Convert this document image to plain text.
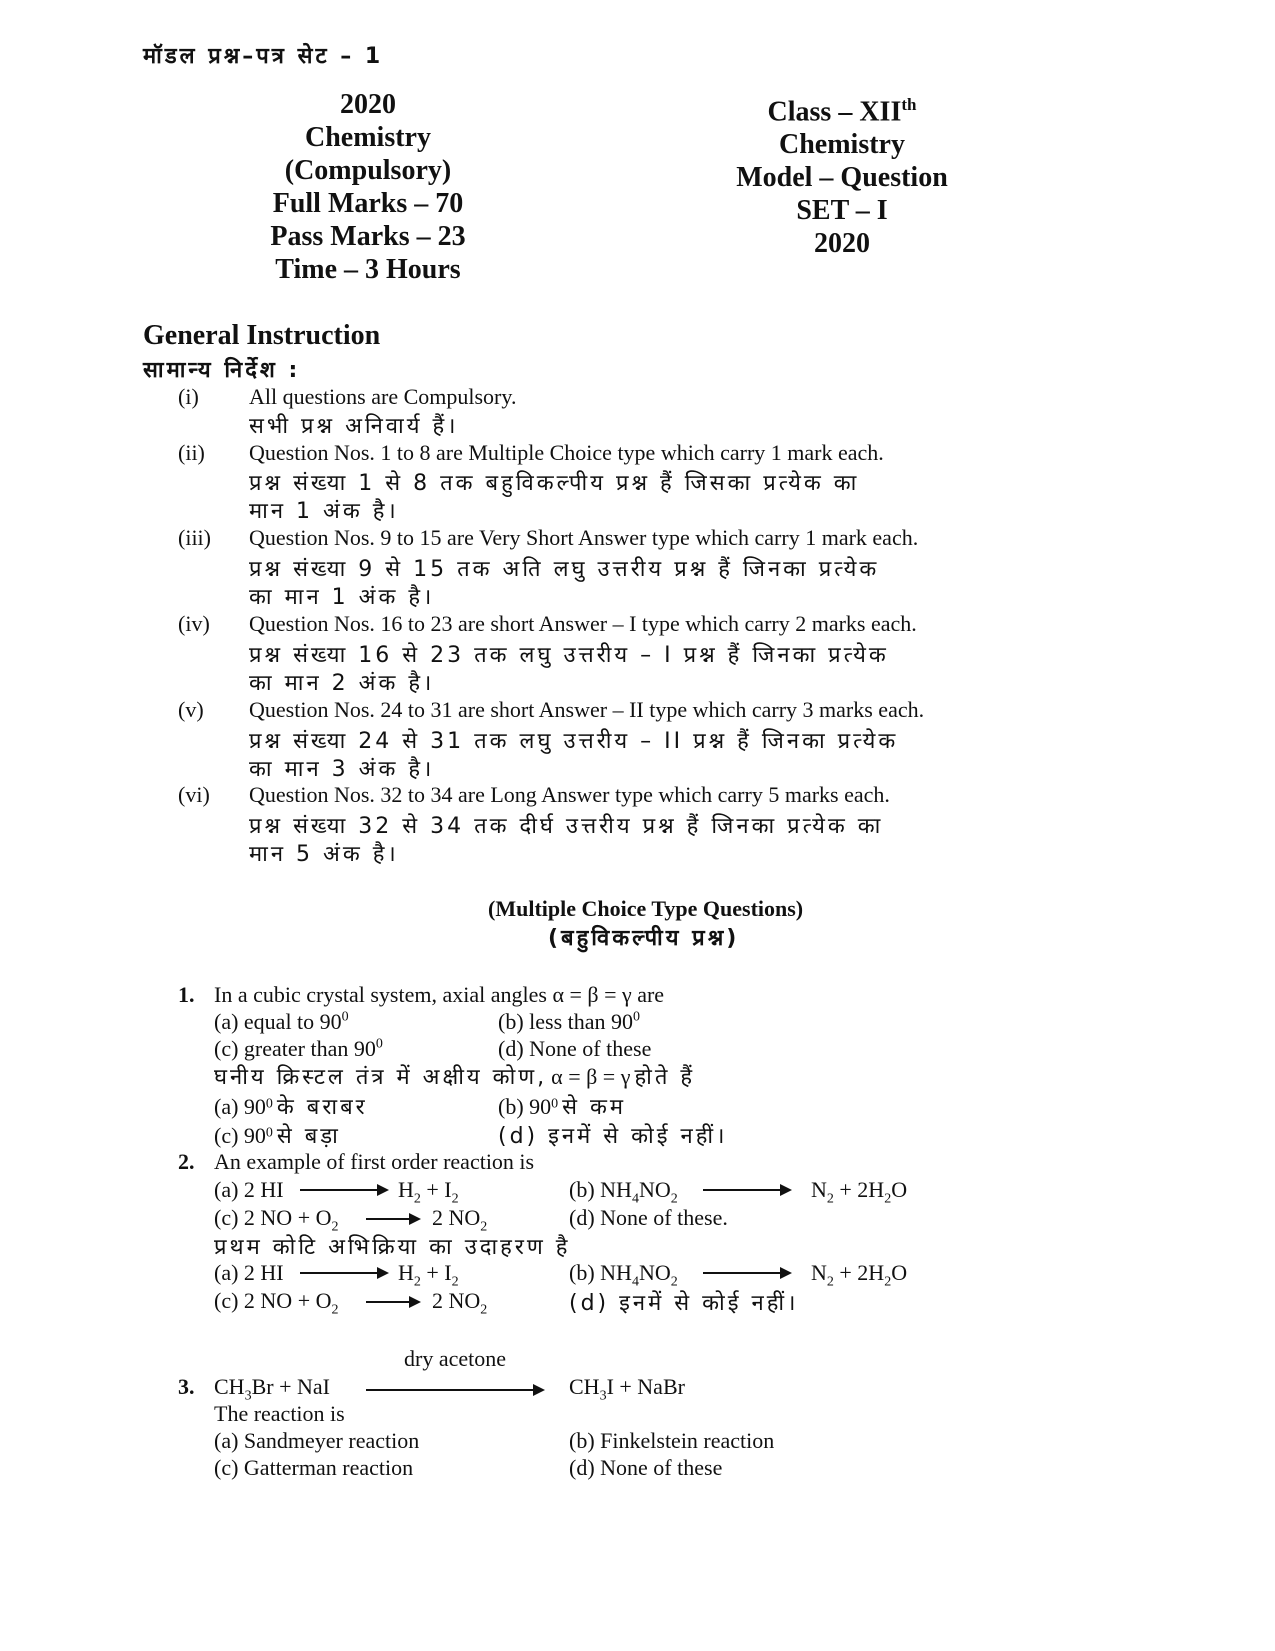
मॉडल प्रश्न–पत्र सेट – 1
2020
Chemistry
(Compulsory)
Full Marks – 70
Pass Marks – 23
Time – 3 Hours
Class – XIIth
Chemistry
Model – Question
SET – I
2020
General Instruction
सामान्य निर्देश :
(i) All questions are Compulsory.
सभी प्रश्न अनिवार्य हैं।
(ii) Question Nos. 1 to 8 are Multiple Choice type which carry 1 mark each.
प्रश्न संख्या 1 से 8 तक बहुविकल्पीय प्रश्न हैं जिसका प्रत्येक का
मान 1 अंक है।
(iii) Question Nos. 9 to 15 are Very Short Answer type which carry 1 mark each.
प्रश्न संख्या 9 से 15 तक अति लघु उत्तरीय प्रश्न हैं जिनका प्रत्येक
का मान 1 अंक है।
(iv) Question Nos. 16 to 23 are short Answer – I type which carry 2 marks each.
प्रश्न संख्या 16 से 23 तक लघु उत्तरीय – I प्रश्न हैं जिनका प्रत्येक
का मान 2 अंक है।
(v) Question Nos. 24 to 31 are short Answer – II type which carry 3 marks each.
प्रश्न संख्या 24 से 31 तक लघु उत्तरीय – II प्रश्न हैं जिनका प्रत्येक
का मान 3 अंक है।
(vi) Question Nos. 32 to 34 are Long Answer type which carry 5 marks each.
प्रश्न संख्या 32 से 34 तक दीर्घ उत्तरीय प्रश्न हैं जिनका प्रत्येक का
मान 5 अंक है।
(Multiple Choice Type Questions)
(बहुविकल्पीय प्रश्न)
1. In a cubic crystal system, axial angles α = β = γ are
(a) equal to $90^0$	(b) less than $90^0$
(c) greater than $90^0$	(d) None of these
घनीय क्रिस्टल तंत्र में अक्षीय कोण, α = β = γ होते हैं
(a) $90^0$ के बराबर	(b) $90^0$ से कम
(c) $90^0$ से बड़ा	(d) इनमें से कोई नहीं।
2. An example of first order reaction is
(a) 2 HI	$H_2 + I_2$	(b) $NH_4NO_2$	$N_2 + 2H_2O$
(c) 2 NO + $O_2 \to 2$ $NO_2$	(d) None of these.
प्रथम कोटि अभिक्रिया का उदाहरण है
(a) 2 HI	$H_2 + I_2$	(b) $NH_4NO_2$	$N_2 + 2H_2O$
(c) 2 NO + $O_2 \to 2$ $NO_2$	(d) इनमें से कोई नहीं।
dry acetone
3. $CH_3Br$ + NaI	$CH_3I$ + NaBr
The reaction is
(a) Sandmeyer reaction	(b) Finkelstein reaction
(c) Gatterman reaction	(d) None of these
